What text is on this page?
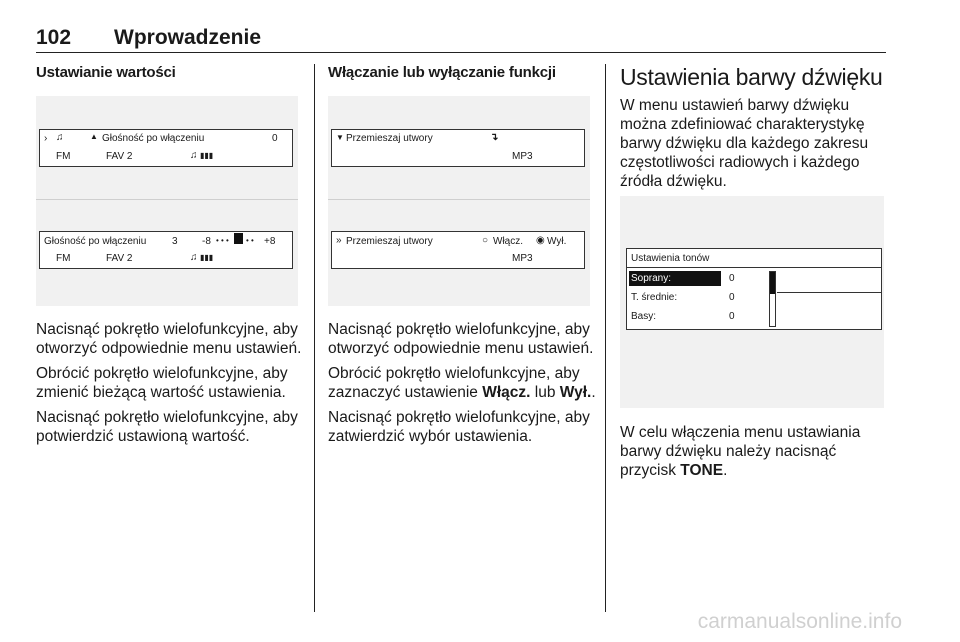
102 Wprowadzenie
Ustawianie wartości
› ♫	▲ Głośność po włączeniu	0
FM	FAV 2	♫ ▮▮▮
Głośność po włączeniu	3 -8 • • • • • +8
FM	FAV 2	♫ ▮▮▮

Nacisnąć pokrętło wielofunkcyjne, aby otworzyć odpowiednie menu ustawień.

Obrócić pokrętło wielofunkcyjne, aby zmienić bieżącą wartość ustawienia.

Nacisnąć pokrętło wielofunkcyjne, aby potwierdzić ustawioną wartość.

Włączanie lub wyłączanie funkcji
▼ Przemieszaj utwory	↴
MP3
» Przemieszaj utwory	○ Włącz. ◉ Wył.
MP3

Nacisnąć pokrętło wielofunkcyjne, aby otworzyć odpowiednie menu ustawień.

Obrócić pokrętło wielofunkcyjne, aby zaznaczyć ustawienie Włącz. lub Wył..

Nacisnąć pokrętło wielofunkcyjne, aby zatwierdzić wybór ustawienia.

Ustawienia barwy dźwięku

W menu ustawień barwy dźwięku można zdefiniować charakterystykę barwy dźwięku dla każdego zakresu częstotliwości radiowych i każdego źródła dźwięku.

Ustawienia tonów
Soprany:	0
T. średnie:	0
Basy:	0

W celu włączenia menu ustawiania barwy dźwięku należy nacisnąć przycisk TONE.

carmanualsonline.info
